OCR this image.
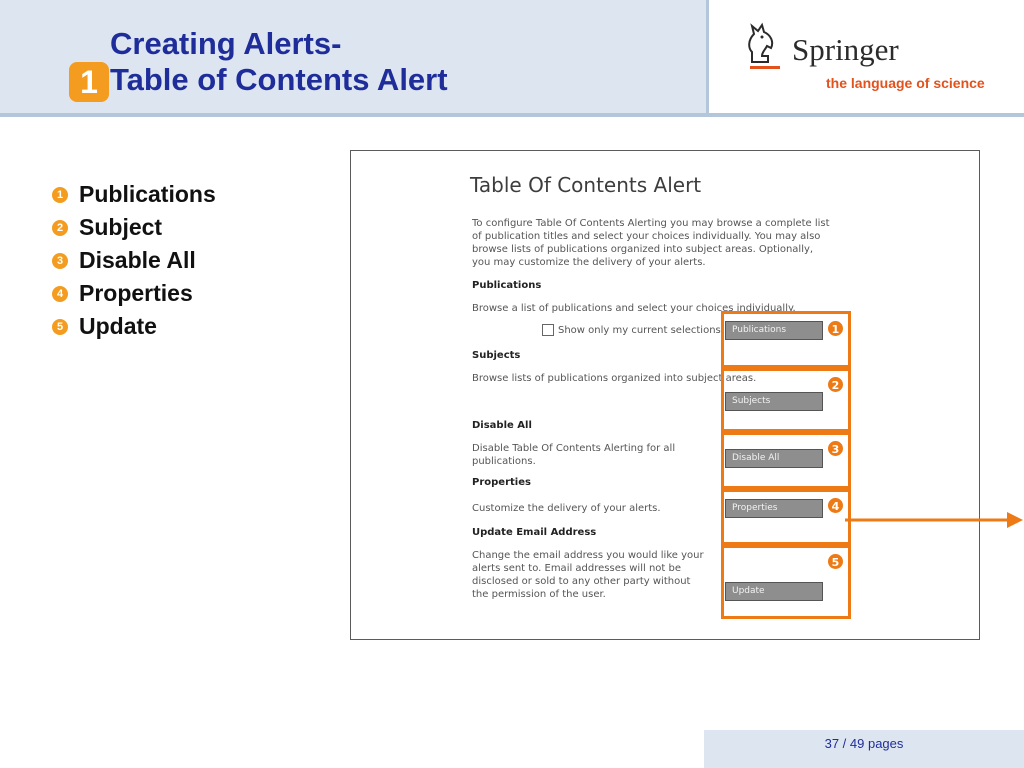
Creating Alerts-
Table of Contents Alert
1
Springer
the language of science
1 Publications
2 Subject
3 Disable All
4 Properties
5 Update
Table Of Contents Alert
To configure Table Of Contents Alerting you may browse a complete list of publication titles and select your choices individually. You may also browse lists of publications organized into subject areas. Optionally, you may customize the delivery of your alerts.
Publications
Browse a list of publications and select your choices individually.
Show only my current selections. Publications
Subjects
Browse lists of publications organized into subject areas.
Subjects
Disable All
Disable Table Of Contents Alerting for all publications.	Disable All
Properties
Customize the delivery of your alerts.	Properties
Update Email Address
Change the email address you would like your alerts sent to. Email addresses will not be disclosed or sold to any other party without the permission of the user.	Update
1
2
3
4
5
37 / 49 pages
